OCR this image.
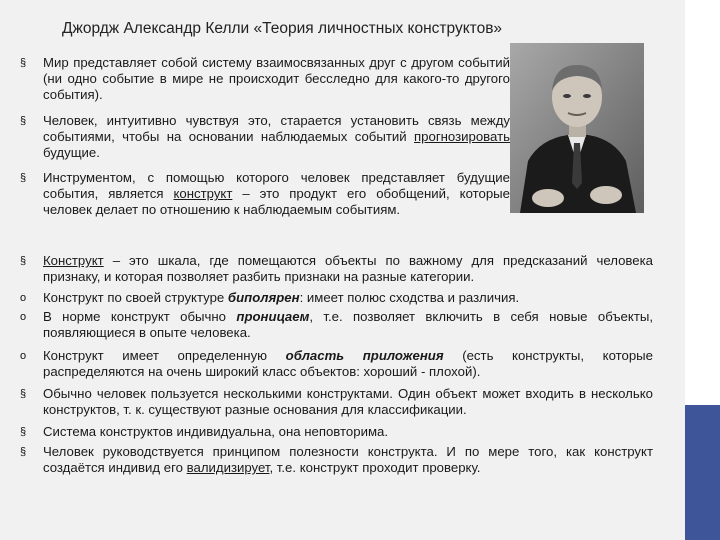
Джордж Александр Келли «Теория личностных конструктов»
§	Мир представляет собой систему взаимосвязанных друг с другом событий (ни одно событие в мире не происходит бесследно для какого-то другого события).
§	Человек, интуитивно чувствуя это, старается установить связь между событиями, чтобы на основании наблюдаемых событий прогнозировать будущие.
§	Инструментом, с помощью которого человек представляет будущие события, является конструкт – это продукт его обобщений, которые человек делает по отношению к наблюдаемым событиям.
§	Конструкт – это шкала, где помещаются объекты по важному для предсказаний человека признаку, и которая позволяет разбить признаки на разные категории.
o	Конструкт по своей структуре биполярен: имеет полюс сходства и различия.
o	В норме конструкт обычно проницаем, т.е. позволяет включить в себя новые объекты, появляющиеся в опыте человека.
o	Конструкт имеет определенную область приложения (есть конструкты, которые распределяются на очень широкий класс объектов: хороший - плохой).
§	Обычно человек пользуется несколькими конструктами. Один объект может входить в несколько конструктов, т. к. существуют разные основания для классификации.
§	Система конструктов индивидуальна, она неповторима.
§	Человек руководствуется принципом полезности конструкта. И по мере того, как конструкт создаётся индивид его валидизирует, т.е. конструкт проходит проверку.
